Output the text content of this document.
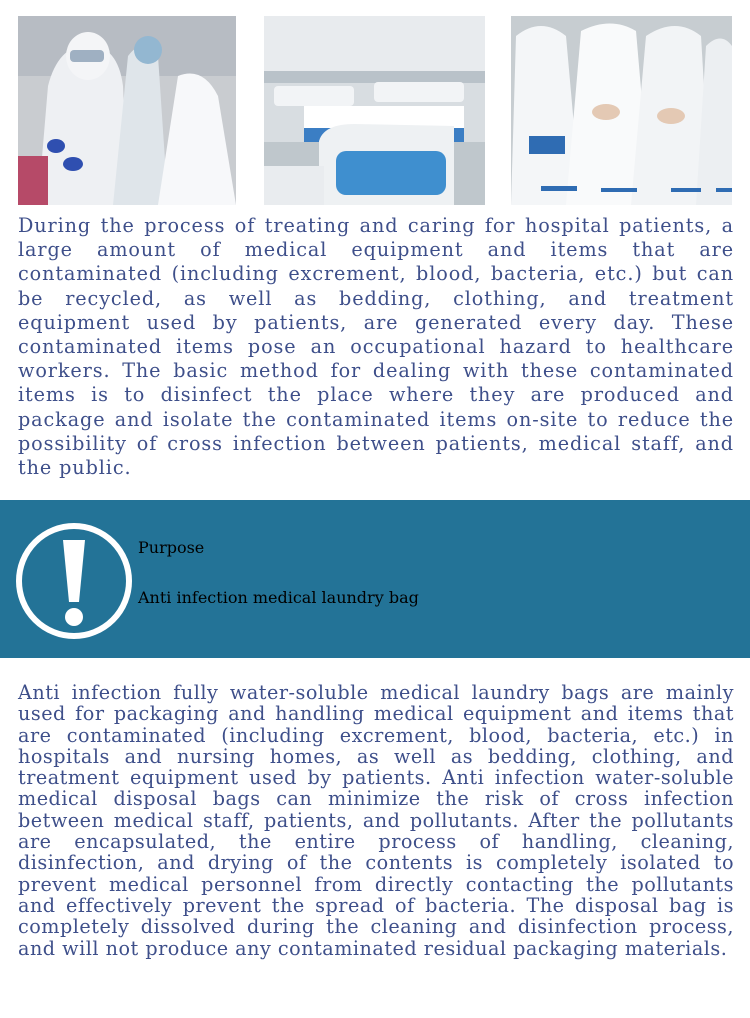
During the process of treating and caring for hospital patients, a large amount of medical equipment and items that are contaminated (including excrement, blood, bacteria, etc.) but can be recycled, as well as bedding, clothing, and treatment equipment used by patients, are generated every day. These contaminated items pose an occupational hazard to healthcare workers. The basic method for dealing with these contaminated items is to disinfect the place where they are produced and package and isolate the contaminated items on-site to reduce the possibility of cross infection between patients, medical staff, and the public.

Purpose
Anti infection medical laundry bag

Anti infection fully water-soluble medical laundry bags are mainly used for packaging and handling medical equipment and items that are contaminated (including excrement, blood, bacteria, etc.) in hospitals and nursing homes, as well as bedding, clothing, and treatment equipment used by patients. Anti infection water-soluble medical disposal bags can minimize the risk of cross infection between medical staff, patients, and pollutants. After the pollutants are encapsulated, the entire process of handling, cleaning, disinfection, and drying of the contents is completely isolated to prevent medical personnel from directly contacting the pollutants and effectively prevent the spread of bacteria. The disposal bag is completely dissolved during the cleaning and disinfection process, and will not produce any contaminated residual packaging materials.
